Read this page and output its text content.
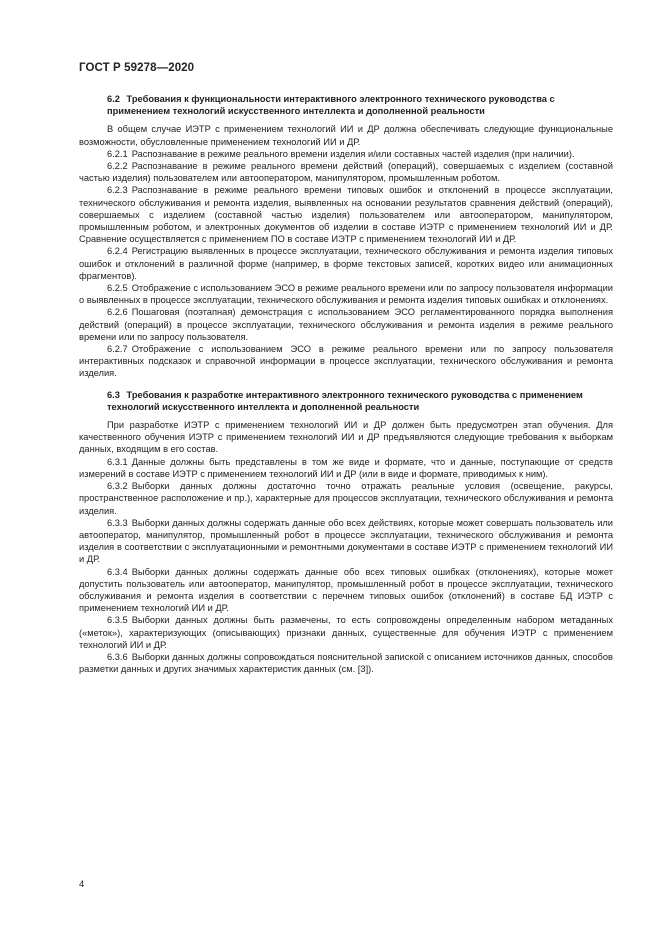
ГОСТ Р 59278—2020
6.2 Требования к функциональности интерактивного электронного технического руководства с применением технологий искусственного интеллекта и дополненной реальности

В общем случае ИЭТР с применением технологий ИИ и ДР должна обеспечивать следующие функциональные возможности, обусловленные применением технологий ИИ и ДР.

6.2.1 Распознавание в режиме реального времени изделия и/или составных частей изделия (при наличии).

6.2.2 Распознавание в режиме реального времени действий (операций), совершаемых с изделием (составной частью изделия) пользователем или автооператором, манипулятором, промышленным роботом.

6.2.3 Распознавание в режиме реального времени типовых ошибок и отклонений в процессе эксплуатации, технического обслуживания и ремонта изделия, выявленных на основании результатов сравнения действий (операций), совершаемых с изделием (составной частью изделия) пользователем или автооператором, манипулятором, промышленным роботом, и электронных документов об изделии в составе ИЭТР с применением технологий ИИ и ДР. Сравнение осуществляется с применением ПО в составе ИЭТР с применением технологий ИИ и ДР.

6.2.4 Регистрацию выявленных в процессе эксплуатации, технического обслуживания и ремонта изделия типовых ошибок и отклонений в различной форме (например, в форме текстовых записей, коротких видео или анимационных фрагментов).

6.2.5 Отображение с использованием ЭСО в режиме реального времени или по запросу пользователя информации о выявленных в процессе эксплуатации, технического обслуживания и ремонта изделия типовых ошибках и отклонениях.

6.2.6 Пошаговая (поэтапная) демонстрация с использованием ЭСО регламентированного порядка выполнения действий (операций) в процессе эксплуатации, технического обслуживания и ремонта изделия в режиме реального времени или по запросу пользователя.

6.2.7 Отображение с использованием ЭСО в режиме реального времени или по запросу пользователя интерактивных подсказок и справочной информации в процессе эксплуатации, технического обслуживания и ремонта изделия.

6.3 Требования к разработке интерактивного электронного технического руководства с применением технологий искусственного интеллекта и дополненной реальности

При разработке ИЭТР с применением технологий ИИ и ДР должен быть предусмотрен этап обучения. Для качественного обучения ИЭТР с применением технологий ИИ и ДР предъявляются следующие требования к выборкам данных, входящим в его состав.

6.3.1 Данные должны быть представлены в том же виде и формате, что и данные, поступающие от средств измерений в составе ИЭТР с применением технологий ИИ и ДР (или в виде и формате, приводимых к ним).

6.3.2 Выборки данных должны достаточно точно отражать реальные условия (освещение, ракурсы, пространственное расположение и пр.), характерные для процессов эксплуатации, технического обслуживания и ремонта изделия.

6.3.3 Выборки данных должны содержать данные обо всех действиях, которые может совершать пользователь или автооператор, манипулятор, промышленный робот в процессе эксплуатации, технического обслуживания и ремонта изделия в соответствии с эксплуатационными и ремонтными документами в составе ИЭТР с применением технологий ИИ и ДР.

6.3.4 Выборки данных должны содержать данные обо всех типовых ошибках (отклонениях), которые может допустить пользователь или автооператор, манипулятор, промышленный робот в процессе эксплуатации, технического обслуживания и ремонта изделия в соответствии с перечнем типовых ошибок (отклонений) в составе БД ИЭТР с применением технологий ИИ и ДР.

6.3.5 Выборки данных должны быть размечены, то есть сопровождены определенным набором метаданных («меток»), характеризующих (описывающих) признаки данных, существенные для обучения ИЭТР с применением технологий ИИ и ДР.

6.3.6 Выборки данных должны сопровождаться пояснительной запиской с описанием источников данных, способов разметки данных и других значимых характеристик данных (см. [3]).

4
